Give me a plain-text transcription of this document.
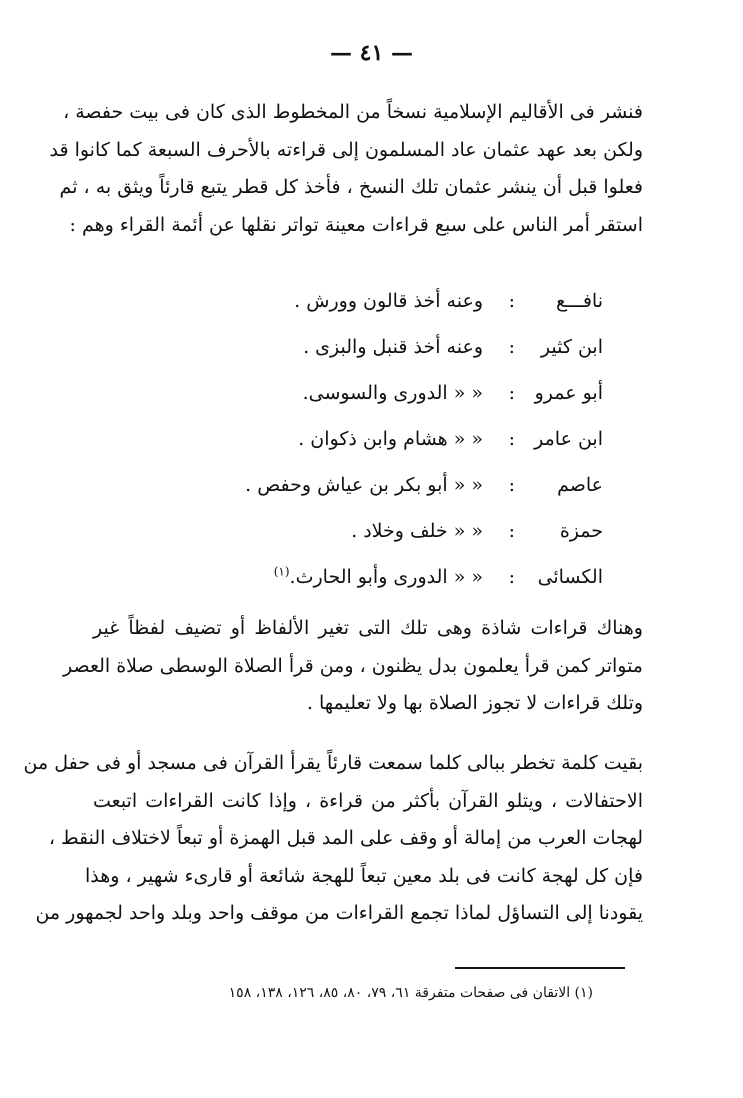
— ٤١ —

فنشر فى الأقاليم الإسلامية نسخاً من المخطوط الذى كان فى بيت حفصة ،
ولكن بعد عهد عثمان عاد المسلمون إلى قراءته بالأحرف السبعة كما كانوا قد
فعلوا قبل أن ينشر عثمان تلك النسخ ، فأخذ كل قطر يتبع قارئاً ويثق به ، ثم
استقر أمر الناس على سبع قراءات معينة تواتر نقلها عن أئمة القراء وهم :

نافـــع
:
وعنه أخذ قالون وورش .
ابن كثير
:
وعنه أخذ قنبل والبزى .
أبو عمرو
:
« « الدورى والسوسى.
ابن عامر
:
« « هشام وابن ذكوان .
عاصم
:
« « أبو بكر بن عياش وحفص .
حمزة
:
« « خلف وخلاد .
الكسائى
:
« « الدورى وأبو الحارث.$^{(١)}$

وهناك قراءات شاذة وهى تلك التى تغير الألفاظ أو تضيف لفظاً غير
متواتر كمن قرأ يعلمون بدل يظنون ، ومن قرأ الصلاة الوسطى صلاة العصر
وتلك قراءات لا تجوز الصلاة بها ولا تعليمها .

بقيت كلمة تخطر ببالى كلما سمعت قارئاً يقرأ القرآن فى مسجد أو فى حفل من
الاحتفالات ، ويتلو القرآن بأكثر من قراءة ، وإذا كانت القراءات اتبعت
لهجات العرب من إمالة أو وقف على المد قبل الهمزة أو تبعاً لاختلاف النقط ،
فإن كل لهجة كانت فى بلد معين تبعاً للهجة شائعة أو قارىء شهير ، وهذا
يقودنا إلى التساؤل لماذا تجمع القراءات من موقف واحد وبلد واحد لجمهور من

(١) الاتقان فى صفحات متفرقة ٦١، ٧٩، ٨٠، ٨٥، ١٢٦، ١٣٨، ١٥٨
